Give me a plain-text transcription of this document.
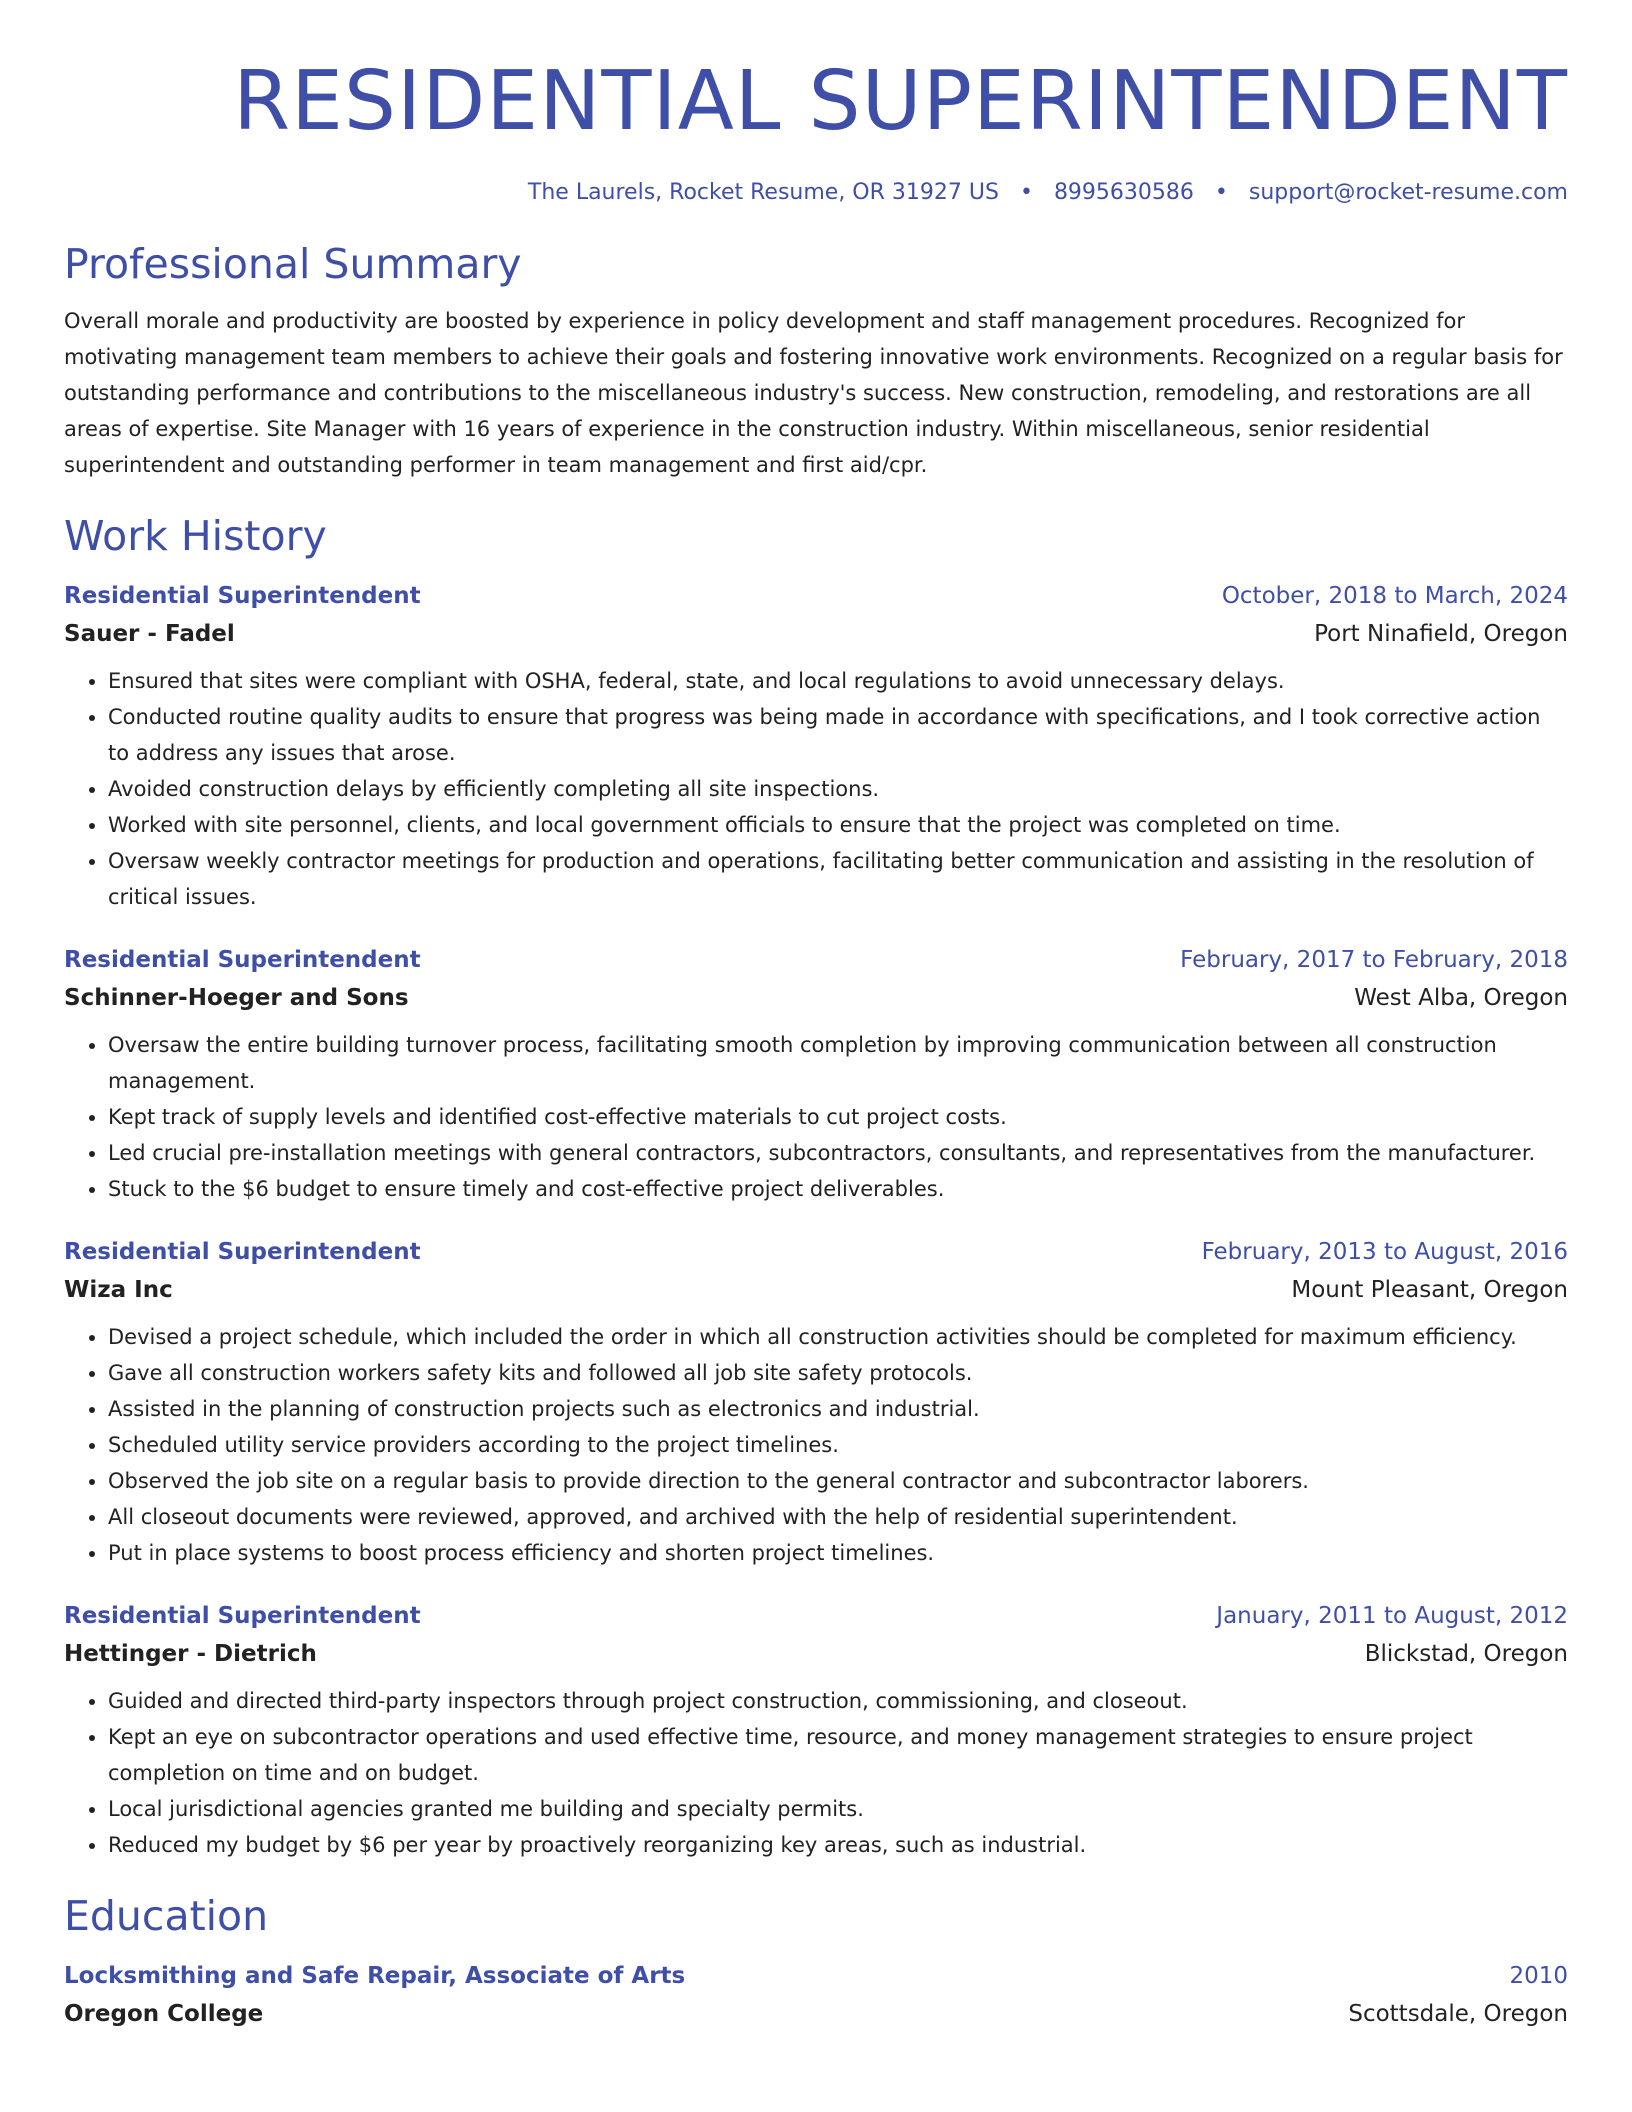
RESIDENTIAL SUPERINTENDENT
The Laurels, Rocket Resume, OR 31927 US • 8995630586 • support@rocket-resume.com
Professional Summary
Overall morale and productivity are boosted by experience in policy development and staff management procedures. Recognized for motivating management team members to achieve their goals and fostering innovative work environments. Recognized on a regular basis for outstanding performance and contributions to the miscellaneous industry's success. New construction, remodeling, and restorations are all areas of expertise. Site Manager with 16 years of experience in the construction industry. Within miscellaneous, senior residential superintendent and outstanding performer in team management and first aid/cpr.
Work History
Residential Superintendent	October, 2018 to March, 2024
Sauer - Fadel	Port Ninafield, Oregon
• Ensured that sites were compliant with OSHA, federal, state, and local regulations to avoid unnecessary delays.
• Conducted routine quality audits to ensure that progress was being made in accordance with specifications, and I took corrective action to address any issues that arose.
• Avoided construction delays by efficiently completing all site inspections.
• Worked with site personnel, clients, and local government officials to ensure that the project was completed on time.
• Oversaw weekly contractor meetings for production and operations, facilitating better communication and assisting in the resolution of critical issues.
Residential Superintendent	February, 2017 to February, 2018
Schinner-Hoeger and Sons	West Alba, Oregon
• Oversaw the entire building turnover process, facilitating smooth completion by improving communication between all construction management.
• Kept track of supply levels and identified cost-effective materials to cut project costs.
• Led crucial pre-installation meetings with general contractors, subcontractors, consultants, and representatives from the manufacturer.
• Stuck to the $6 budget to ensure timely and cost-effective project deliverables.
Residential Superintendent	February, 2013 to August, 2016
Wiza Inc	Mount Pleasant, Oregon
• Devised a project schedule, which included the order in which all construction activities should be completed for maximum efficiency.
• Gave all construction workers safety kits and followed all job site safety protocols.
• Assisted in the planning of construction projects such as electronics and industrial.
• Scheduled utility service providers according to the project timelines.
• Observed the job site on a regular basis to provide direction to the general contractor and subcontractor laborers.
• All closeout documents were reviewed, approved, and archived with the help of residential superintendent.
• Put in place systems to boost process efficiency and shorten project timelines.
Residential Superintendent	January, 2011 to August, 2012
Hettinger - Dietrich	Blickstad, Oregon
• Guided and directed third-party inspectors through project construction, commissioning, and closeout.
• Kept an eye on subcontractor operations and used effective time, resource, and money management strategies to ensure project completion on time and on budget.
• Local jurisdictional agencies granted me building and specialty permits.
• Reduced my budget by $6 per year by proactively reorganizing key areas, such as industrial.
Education
Locksmithing and Safe Repair, Associate of Arts	2010
Oregon College	Scottsdale, Oregon
